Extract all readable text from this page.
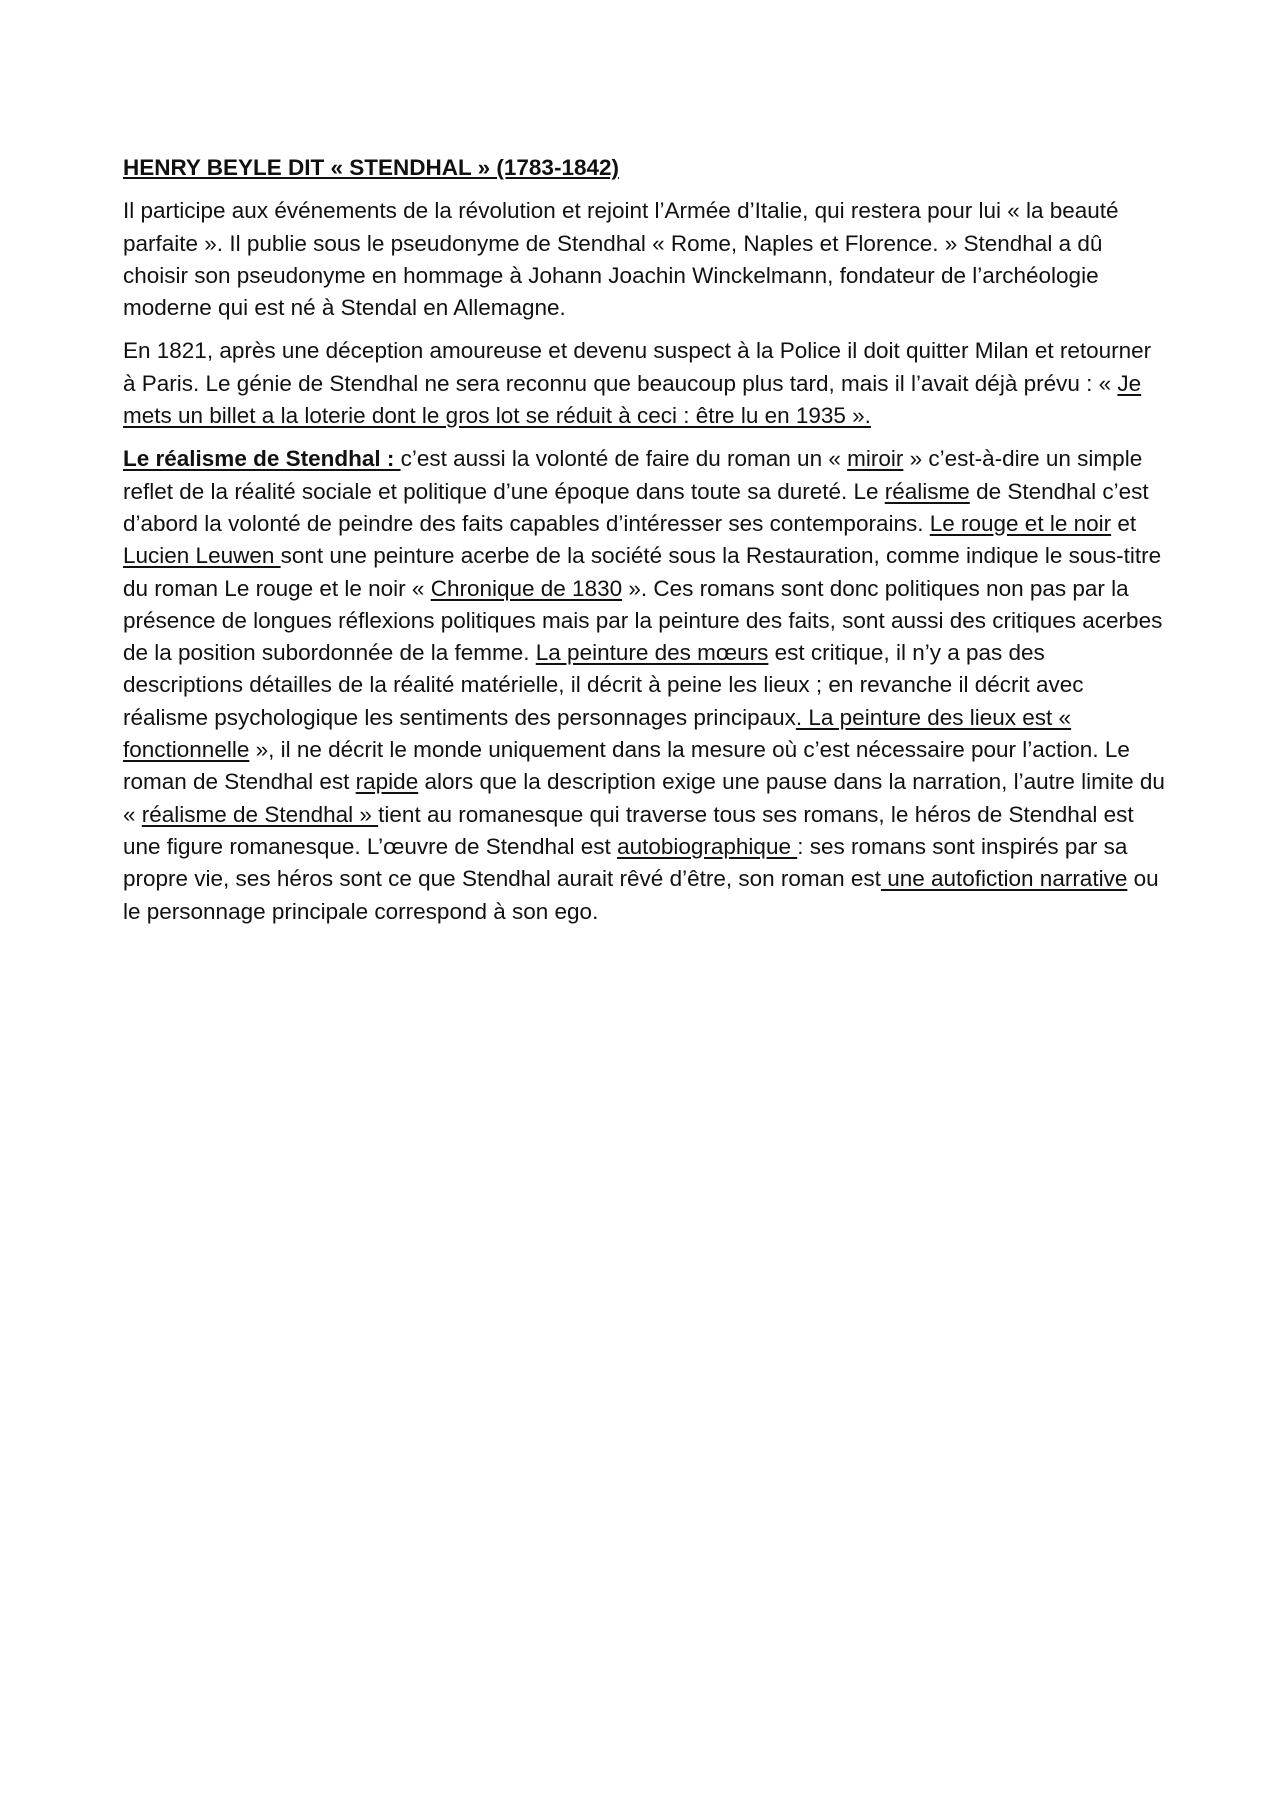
HENRY BEYLE DIT « STENDHAL » (1783-1842)
Il participe aux événements de la révolution et rejoint l’Armée d’Italie, qui restera pour lui « la beauté parfaite ». Il publie sous le pseudonyme de Stendhal « Rome, Naples et Florence. » Stendhal a dû choisir son pseudonyme en hommage à Johann Joachin Winckelmann, fondateur de l’archéologie moderne qui est né à Stendal en Allemagne.
En 1821, après une déception amoureuse et devenu suspect à la Police il doit quitter Milan et retourner à Paris. Le génie de Stendhal ne sera reconnu que beaucoup plus tard, mais il l’avait déjà prévu : « Je mets un billet a la loterie dont le gros lot se réduit à ceci : être lu en 1935 ».
Le réalisme de Stendhal : c’est aussi la volonté de faire du roman un « miroir » c’est-à-dire un simple reflet de la réalité sociale et politique d’une époque dans toute sa dureté. Le réalisme de Stendhal c’est d’abord la volonté de peindre des faits capables d’intéresser ses contemporains. Le rouge et le noir et Lucien Leuwen sont une peinture acerbe de la société sous la Restauration, comme indique le sous-titre du roman Le rouge et le noir « Chronique de 1830 ». Ces romans sont donc politiques non pas par la présence de longues réflexions politiques mais par la peinture des faits, sont aussi des critiques acerbes de la position subordonnée de la femme. La peinture des mœurs est critique, il n’y a pas des descriptions détailles de la réalité matérielle, il décrit à peine les lieux ; en revanche il décrit avec réalisme psychologique les sentiments des personnages principaux. La peinture des lieux est « fonctionnelle », il ne décrit le monde uniquement dans la mesure où c’est nécessaire pour l’action. Le roman de Stendhal est rapide alors que la description exige une pause dans la narration, l’autre limite du « réalisme de Stendhal » tient au romanesque qui traverse tous ses romans, le héros de Stendhal est une figure romanesque. L’œuvre de Stendhal est autobiographique : ses romans sont inspirés par sa propre vie, ses héros sont ce que Stendhal aurait rêvé d’être, son roman est une autofiction narrative ou le personnage principale correspond à son ego.
